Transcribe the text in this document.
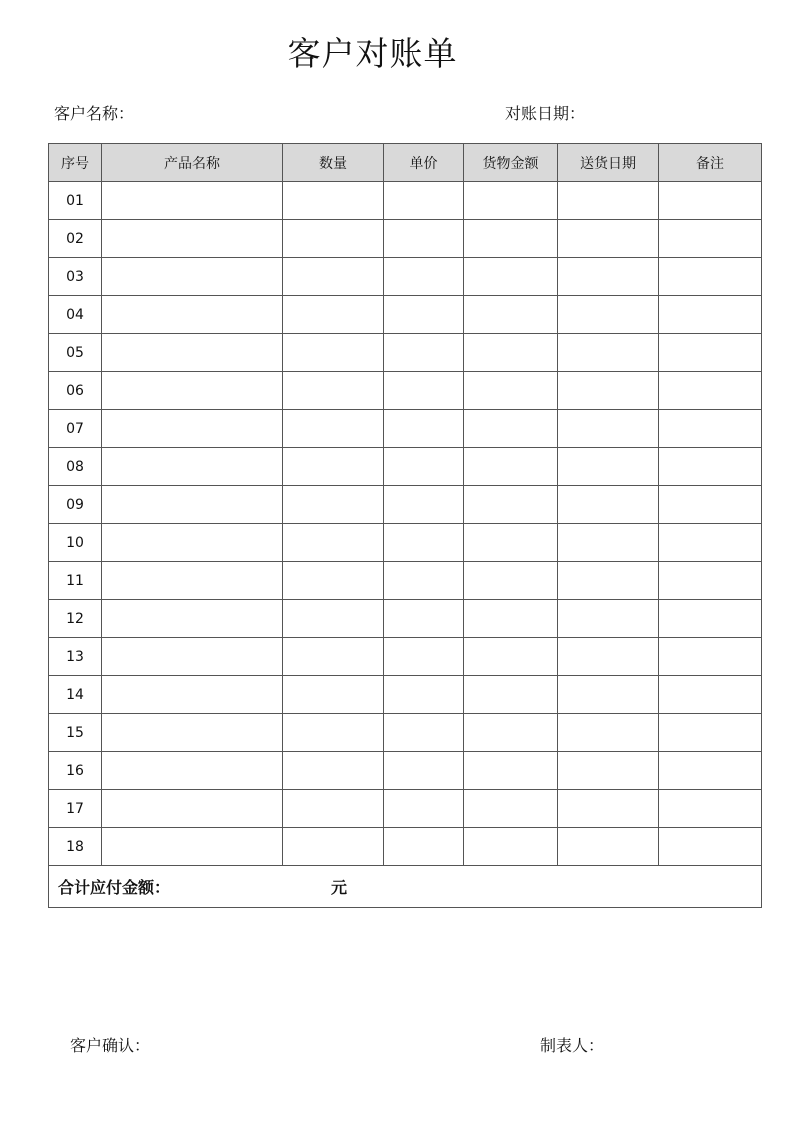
客户对账单
客户名称：	对账日期：
序号	产品名称	数量	单价	货物金额	送货日期	备注
01						
02						
03						
04						
05						
06						
07						
08						
09						
10						
11						
12						
13						
14						
15						
16						
17						
18						
合计应付金额： 元						
客户确认：	制表人：
